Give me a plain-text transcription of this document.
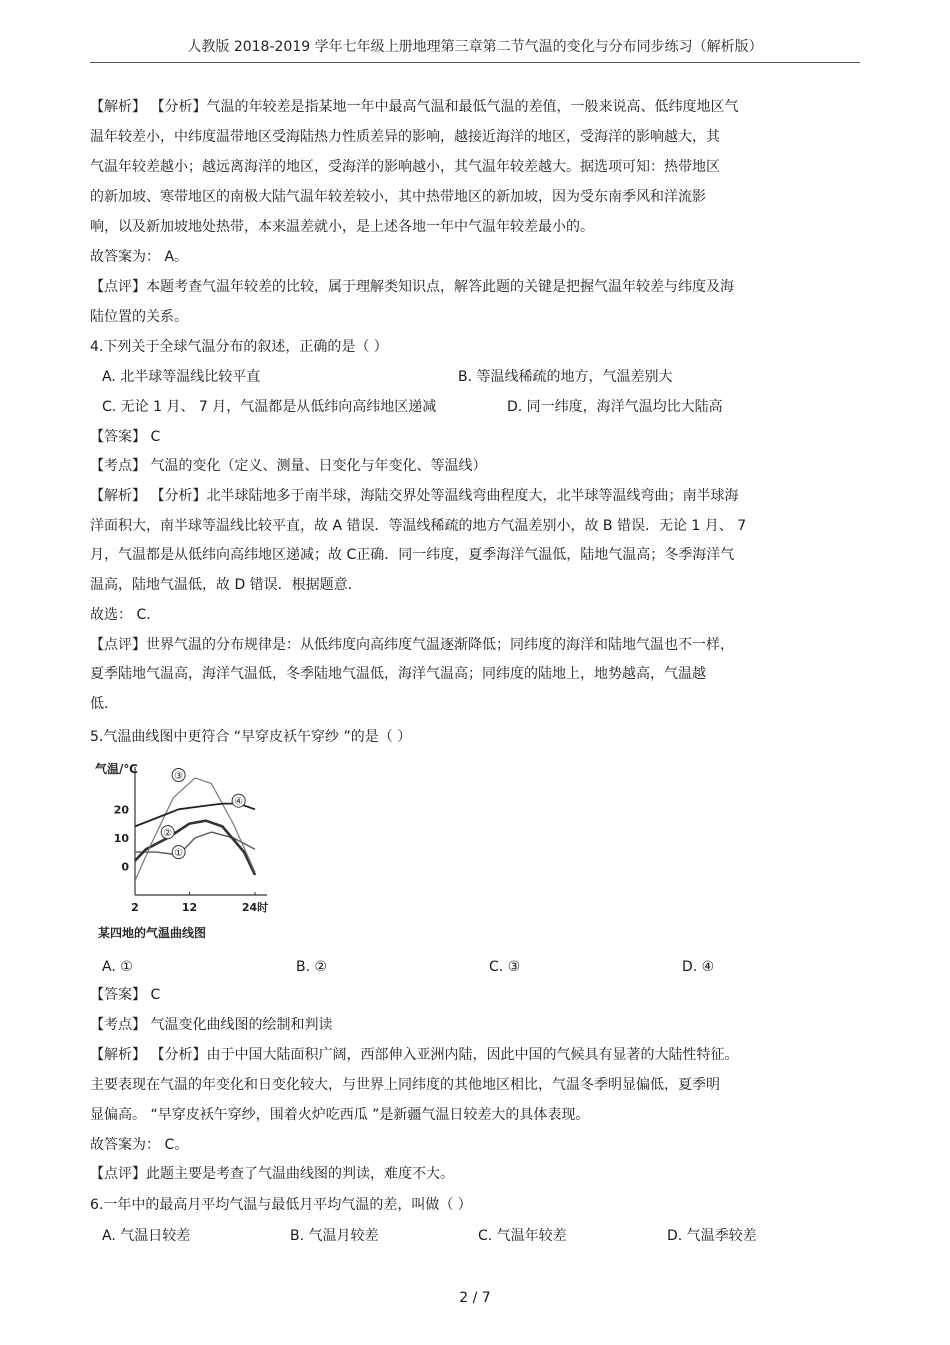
人教版 2018-2019 学年七年级上册地理第三章第二节气温的变化与分布同步练习（解析版）
【解析】 【分析】气温的年较差是指某地一年中最高气温和最低气温的差值，一般来说高、低纬度地区气
温年较差小，中纬度温带地区受海陆热力性质差异的影响，越接近海洋的地区，受海洋的影响越大，其
气温年较差越小；越远离海洋的地区，受海洋的影响越小，其气温年较差越大。据选项可知：热带地区
的新加坡、寒带地区的南极大陆气温年较差较小，其中热带地区的新加坡，因为受东南季风和洋流影
响，以及新加坡地处热带，本来温差就小，是上述各地一年中气温年较差最小的。
故答案为： A。
【点评】本题考查气温年较差的比较，属于理解类知识点，解答此题的关键是把握气温年较差与纬度及海
陆位置的关系。
4.下列关于全球气温分布的叙述，正确的是（ ）
A. 北半球等温线比较平直	B. 等温线稀疏的地方，气温差别大
C. 无论 1 月、 7 月，气温都是从低纬向高纬地区递减	D. 同一纬度，海洋气温均比大陆高
【答案】 C
【考点】 气温的变化（定义、测量、日变化与年变化、等温线）
【解析】 【分析】北半球陆地多于南半球，海陆交界处等温线弯曲程度大，北半球等温线弯曲；南半球海
洋面积大，南半球等温线比较平直，故 A 错误．等温线稀疏的地方气温差别小，故 B 错误．无论 1 月、 7
月，气温都是从低纬向高纬地区递减；故 C正确．同一纬度，夏季海洋气温低，陆地气温高；冬季海洋气
温高，陆地气温低，故 D 错误．根据题意．
故选： C．
【点评】世界气温的分布规律是：从低纬度向高纬度气温逐渐降低；同纬度的海洋和陆地气温也不一样，
夏季陆地气温高，海洋气温低，冬季陆地气温低，海洋气温高；同纬度的陆地上，地势越高，气温越
低．
5.气温曲线图中更符合 “早穿皮袄午穿纱 ”的是（ ）
①
②
③
④
0
10
20
2	12	24时
气温/℃
某四地的气温曲线图
A. ①	B. ②	C. ③	D. ④
【答案】 C
【考点】 气温变化曲线图的绘制和判读
【解析】 【分析】由于中国大陆面积广阔，西部伸入亚洲内陆，因此中国的气候具有显著的大陆性特征。
主要表现在气温的年变化和日变化较大，与世界上同纬度的其他地区相比，气温冬季明显偏低，夏季明
显偏高。 “早穿皮袄午穿纱，围着火炉吃西瓜 ”是新疆气温日较差大的具体表现。
故答案为： C。
【点评】此题主要是考查了气温曲线图的判读，难度不大。
6.一年中的最高月平均气温与最低月平均气温的差，叫做（ ）
A. 气温日较差	B. 气温月较差	C. 气温年较差	D. 气温季较差
2 / 7
